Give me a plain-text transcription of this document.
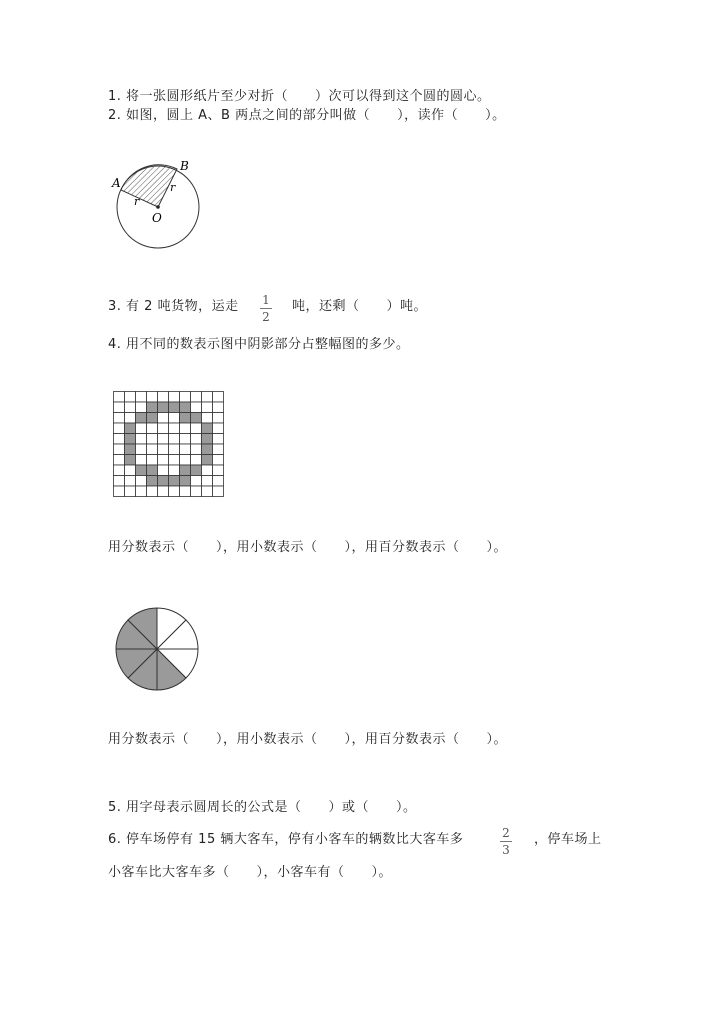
1. 将一张圆形纸片至少对折（　　）次可以得到这个圆的圆心。
2. 如图，圆上 A、B 两点之间的部分叫做（　　），读作（　　）。
A
B
r
r
O
3. 有 2 吨货物，运走 1
2
吨，还剩（　　）吨。
4. 用不同的数表示图中阴影部分占整幅图的多少。
用分数表示（　　），用小数表示（　　），用百分数表示（　　）。
用分数表示（　　），用小数表示（　　），用百分数表示（　　）。
5. 用字母表示圆周长的公式是（　　）或（　　）。
6. 停车场停有 15 辆大客车，停有小客车的辆数比大客车多	2
3
，停车场上
小客车比大客车多（　　），小客车有（　　）。
